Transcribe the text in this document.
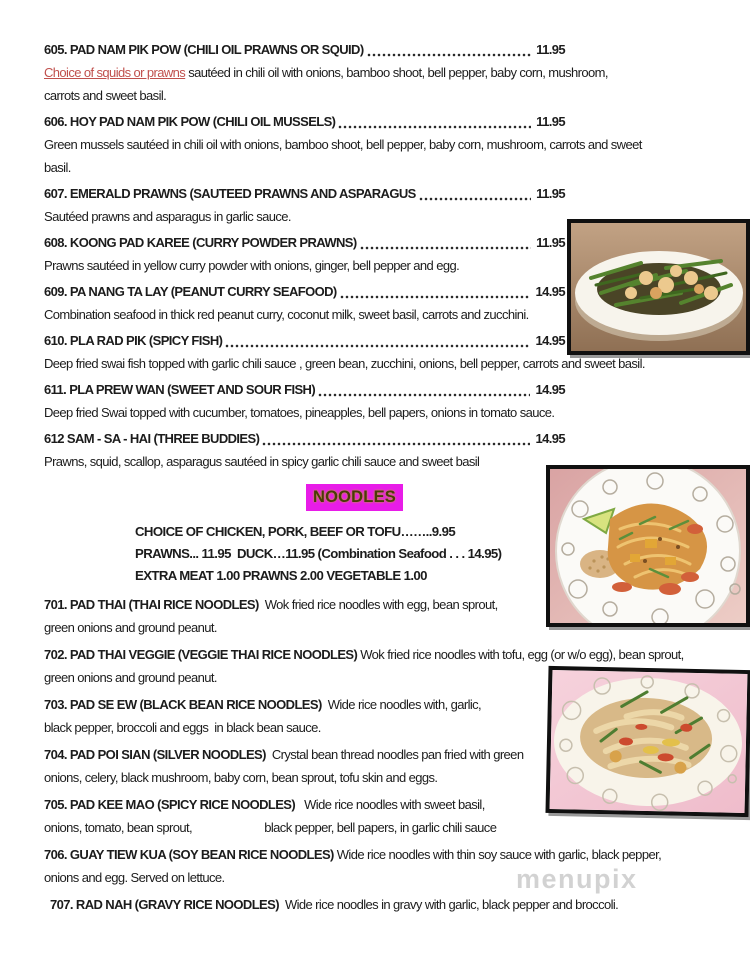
605. PAD NAM PIK POW (CHILI OIL PRAWNS OR SQUID)	11.95

Choice of squids or prawns sautéed in chili oil with onions, bamboo shoot, bell pepper, baby corn, mushroom, carrots and sweet basil.

606. HOY PAD NAM PIK POW (CHILI OIL MUSSELS)	11.95

Green mussels sautéed in chili oil with onions, bamboo shoot, bell pepper, baby corn, mushroom, carrots and sweet basil.

607. EMERALD PRAWNS (SAUTEED PRAWNS AND ASPARAGUS	11.95

Sautéed prawns and asparagus in garlic sauce.

608. KOONG PAD KAREE (CURRY POWDER PRAWNS)	11.95

Prawns sautéed in yellow curry powder with onions, ginger, bell pepper and egg.

609. PA NANG TA LAY (PEANUT CURRY SEAFOOD)	14.95

Combination seafood in thick red peanut curry, coconut milk, sweet basil, carrots and zucchini.

610. PLA RAD PIK (SPICY FISH)	14.95

Deep fried swai fish topped with garlic chili sauce , green bean, zucchini, onions, bell pepper, carrots and sweet basil.

611. PLA PREW WAN (SWEET AND SOUR FISH)	14.95

Deep fried Swai topped with cucumber, tomatoes, pineapples, bell papers, onions in tomato sauce.

612 SAM - SA - HAI (THREE BUDDIES)	14.95

Prawns, squid, scallop, asparagus sautéed in spicy garlic chili sauce and sweet basil

NOODLES
CHOICE OF CHICKEN, PORK, BEEF OR TOFU……..9.95
PRAWNS... 11.95  DUCK…11.95 (Combination Seafood . . . 14.95)
EXTRA MEAT 1.00 PRAWNS 2.00 VEGETABLE 1.00

701. PAD THAI (THAI RICE NOODLES)  Wok fried rice noodles with egg, bean sprout, green onions and ground peanut.

702. PAD THAI VEGGIE (VEGGIE THAI RICE NOODLES) Wok fried rice noodles with tofu, egg (or w/o egg), bean sprout, green onions and ground peanut.

703. PAD SE EW (BLACK BEAN RICE NOODLES)  Wide rice noodles with, garlic, black pepper, broccoli and eggs  in black bean sauce.

704. PAD POI SIAN (SILVER NOODLES)  Crystal bean thread noodles pan fried with green onions, celery, black mushroom, baby corn, bean sprout, tofu skin and eggs.

705. PAD KEE MAO (SPICY RICE NOODLES)   Wide rice noodles with sweet basil, onions, tomato, bean sprout,                        black pepper, bell papers, in garlic chili sauce

706. GUAY TIEW KUA (SOY BEAN RICE NOODLES) Wide rice noodles with thin soy sauce with garlic, black pepper, onions and egg. Served on lettuce.

707. RAD NAH (GRAVY RICE NOODLES)  Wide rice noodles in gravy with garlic, black pepper and broccoli.

menupix
